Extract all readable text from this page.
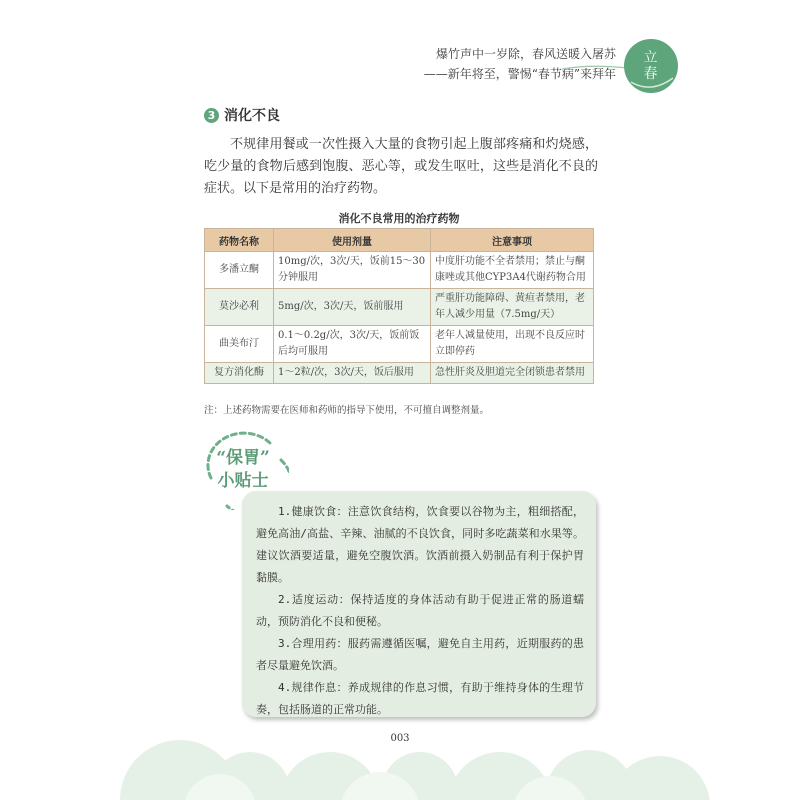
爆竹声中一岁除，春风送暖入屠苏
——新年将至，警惕“春节病”来拜年
立
春
3 消化不良

不规律用餐或一次性摄入大量的食物引起上腹部疼痛和灼烧感，吃少量的食物后感到饱腹、恶心等，或发生呕吐，这些是消化不良的症状。以下是常用的治疗药物。

消化不良常用的治疗药物
药物名称	使用剂量	注意事项
多潘立酮	10mg/次，3次/天，饭前15～30分钟服用	中度肝功能不全者禁用；禁止与酮康唑或其他CYP3A4代谢药物合用
莫沙必利	5mg/次，3次/天，饭前服用	严重肝功能障碍、黄疸者禁用，老年人减少用量（7.5mg/天）
曲美布汀	0.1～0.2g/次，3次/天，饭前饭后均可服用	老年人减量使用，出现不良反应时立即停药
复方消化酶	1～2粒/次，3次/天，饭后服用	急性肝炎及胆道完全闭锁患者禁用
注：上述药物需要在医师和药师的指导下使用，不可擅自调整剂量。
“保胃”
小贴士

1.健康饮食：注意饮食结构，饮食要以谷物为主，粗细搭配，避免高油/高盐、辛辣、油腻的不良饮食，同时多吃蔬菜和水果等。建议饮酒要适量，避免空腹饮酒。饮酒前摄入奶制品有利于保护胃黏膜。

2.适度运动：保持适度的身体活动有助于促进正常的肠道蠕动，预防消化不良和便秘。

3.合理用药：服药需遵循医嘱，避免自主用药，近期服药的患者尽量避免饮酒。

4.规律作息：养成规律的作息习惯，有助于维持身体的生理节奏，包括肠道的正常功能。

003
